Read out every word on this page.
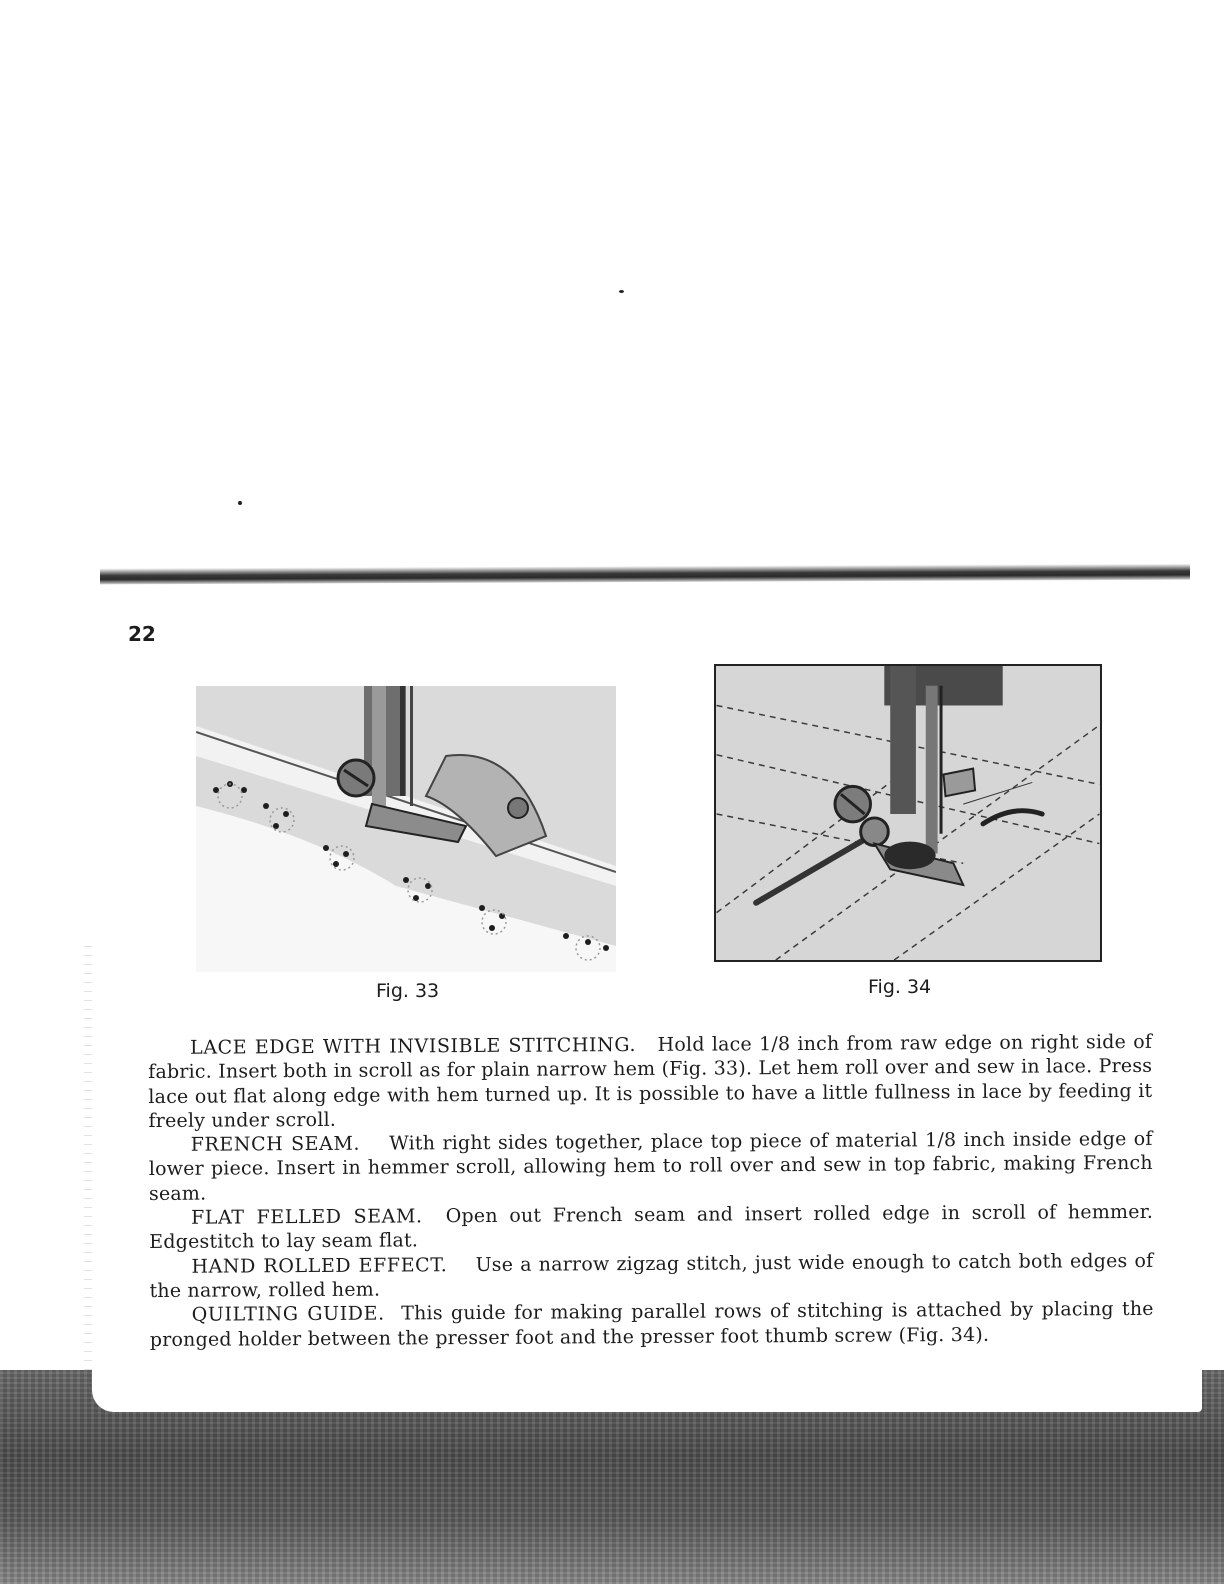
22
Fig. 33	Fig. 34

LACE EDGE WITH INVISIBLE STITCHING. Hold lace 1/8 inch from raw edge on right side of fabric. Insert both in scroll as for plain narrow hem (Fig. 33). Let hem roll over and sew in lace. Press lace out flat along edge with hem turned up. It is possible to have a little fullness in lace by feeding it freely under scroll.

FRENCH SEAM. With right sides together, place top piece of material 1/8 inch inside edge of lower piece. Insert in hemmer scroll, allowing hem to roll over and sew in top fabric, making French seam.

FLAT FELLED SEAM. Open out French seam and insert rolled edge in scroll of hemmer. Edgestitch to lay seam flat.

HAND ROLLED EFFECT. Use a narrow zigzag stitch, just wide enough to catch both edges of the narrow, rolled hem.

QUILTING GUIDE. This guide for making parallel rows of stitching is attached by placing the pronged holder between the presser foot and the presser foot thumb screw (Fig. 34).
